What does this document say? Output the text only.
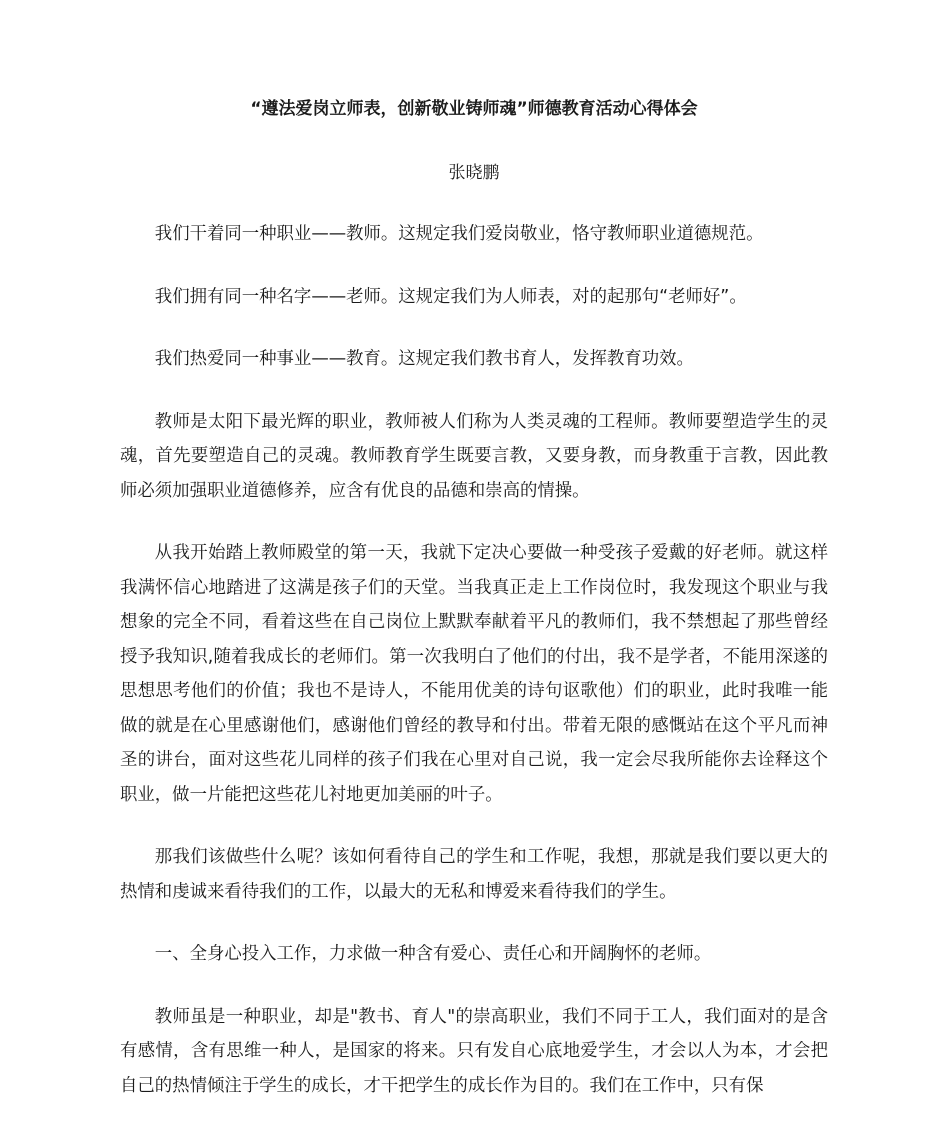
“遵法爱岗立师表，创新敬业铸师魂”师德教育活动心得体会
张晓鹏

我们干着同一种职业——教师。这规定我们爱岗敬业，恪守教师职业道德规范。

我们拥有同一种名字——老师。这规定我们为人师表，对的起那句“老师好”。

我们热爱同一种事业——教育。这规定我们教书育人，发挥教育功效。

教师是太阳下最光辉的职业，教师被人们称为人类灵魂的工程师。教师要塑造学生的灵魂，首先要塑造自己的灵魂。教师教育学生既要言教，又要身教，而身教重于言教，因此教师必须加强职业道德修养，应含有优良的品德和崇高的情操。

从我开始踏上教师殿堂的第一天，我就下定决心要做一种受孩子爱戴的好老师。就这样我满怀信心地踏进了这满是孩子们的天堂。当我真正走上工作岗位时，我发现这个职业与我想象的完全不同，看着这些在自己岗位上默默奉献着平凡的教师们，我不禁想起了那些曾经授予我知识,随着我成长的老师们。第一次我明白了他们的付出，我不是学者，不能用深遂的思想思考他们的价值；我也不是诗人，不能用优美的诗句讴歌他）们的职业，此时我唯一能做的就是在心里感谢他们，感谢他们曾经的教导和付出。带着无限的感慨站在这个平凡而神圣的讲台，面对这些花儿同样的孩子们我在心里对自己说，我一定会尽我所能你去诠释这个职业，做一片能把这些花儿衬地更加美丽的叶子。

那我们该做些什么呢？该如何看待自己的学生和工作呢，我想，那就是我们要以更大的热情和虔诚来看待我们的工作，以最大的无私和博爱来看待我们的学生。

一、全身心投入工作，力求做一种含有爱心、责任心和开阔胸怀的老师。

教师虽是一种职业，却是"教书、育人"的崇高职业，我们不同于工人，我们面对的是含有感情，含有思维一种人，是国家的将来。只有发自心底地爱学生，才会以人为本，才会把自己的热情倾注于学生的成长，才干把学生的成长作为目的。我们在工作中，只有保
